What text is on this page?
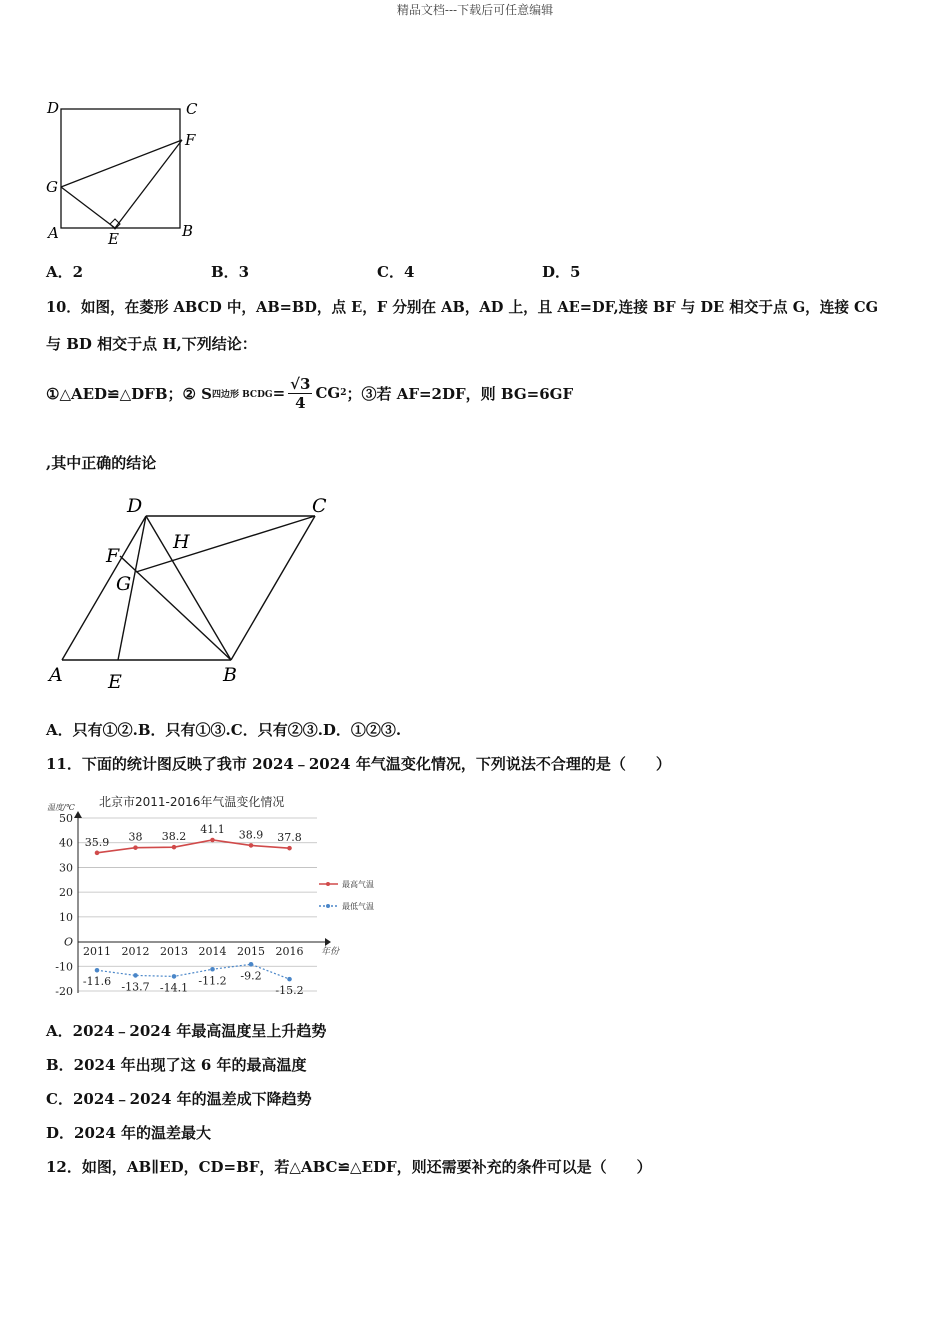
精品文档---下载后可任意编辑
D	C
F
G
A	E	B
A．2	B．3	C．4	D．5
10．如图，在菱形 ABCD 中，AB=BD，点 E，F 分别在 AB，AD 上，且 AE=DF,连接 BF 与 DE 相交于点 G，连接 CG
与 BD 相交于点 H,下列结论：
①△AED≌△DFB；② S 四边形 BCDG = $\frac{√3}{4}$ CG 2 ；③若 AF=2DF，则 BG=6GF
,其中正确的结论
D	C
H
F
G
A E	B
A．只有①②.B．只有①③.C．只有②③.D．①②③.
11．下面的统计图反映了我市 2024﹣2024 年气温变化情况，下列说法不合理的是（　　）
北京市2011-2016年气温变化情况
温度/℃
年份
50
40
30
20
10
O
-10
-20
2011 2012 2013 2014 2015 2016
35.9 38 38.2
41.1 38.9 37.8
-11.6 -13.7 -14.1
-11.2 -9.2
-15.2
最高气温
最低气温
A．2024﹣2024 年最高温度呈上升趋势
B．2024 年出现了这 6 年的最高温度
C．2024﹣2024 年的温差成下降趋势
D．2024 年的温差最大
12．如图，AB∥ED，CD=BF，若△ABC≌△EDF，则还需要补充的条件可以是（　　）
